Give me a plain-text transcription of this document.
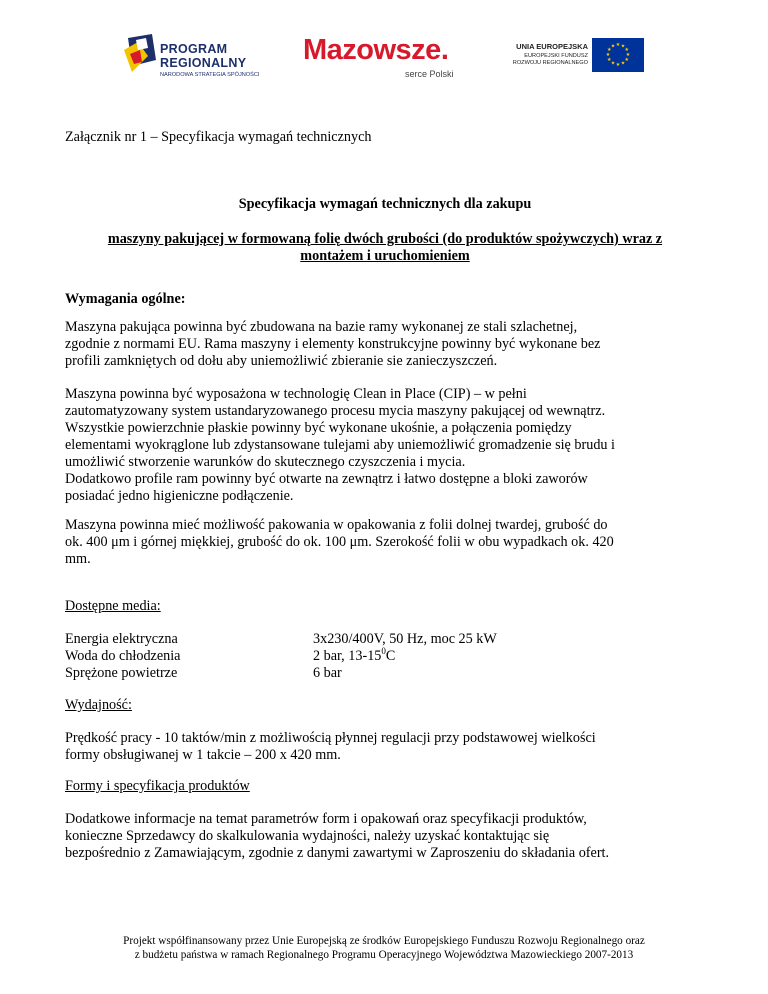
PROGRAM
REGIONALNY
NARODOWA STRATEGIA SPÓJNOŚCI
Mazowsze.
serce Polski
UNIA EUROPEJSKA
EUROPEJSKI FUNDUSZ
ROZWOJU REGIONALNEGO
★ ★
★
★
★
★
★
★
★
★
★
★

Załącznik nr 1 – Specyfikacja wymagań technicznych

Specyfikacja wymagań technicznych dla zakupu

maszyny pakującej w formowaną folię dwóch grubości (do produktów spożywczych) wraz z

montażem i uruchomieniem

Wymagania ogólne:

Maszyna pakująca powinna być zbudowana na bazie ramy wykonanej ze stali szlachetnej,

zgodnie z normami EU. Rama maszyny i elementy konstrukcyjne powinny być wykonane bez

profili zamkniętych od dołu aby uniemożliwić zbieranie sie zanieczyszczeń.

Maszyna powinna być wyposażona w technologię Clean in Place (CIP) – w pełni

zautomatyzowany system ustandaryzowanego procesu mycia maszyny pakującej od wewnątrz.

Wszystkie powierzchnie płaskie powinny być wykonane ukośnie, a połączenia pomiędzy

elementami wyokrąglone lub zdystansowane tulejami aby uniemożliwić gromadzenie się brudu i

umożliwić stworzenie warunków do skutecznego czyszczenia i mycia.

Dodatkowo profile ram powinny być otwarte na zewnątrz i łatwo dostępne a bloki zaworów

posiadać jedno higieniczne podłączenie.

Maszyna powinna mieć możliwość pakowania w opakowania z folii dolnej twardej, grubość do

ok. 400 μm i górnej miękkiej, grubość do ok. 100 μm. Szerokość folii w obu wypadkach ok. 420

mm.

Dostępne media:

Energia elektryczna	3x230/400V, 50 Hz, moc 25 kW
Woda do chłodzenia	2 bar, $13-15^0C$
Sprężone powietrze	6 bar

Wydajność:

Prędkość pracy - 10 taktów/min z możliwością płynnej regulacji przy podstawowej wielkości

formy obsługiwanej w 1 takcie – 200 x 420 mm.

Formy i specyfikacja produktów

Dodatkowe informacje na temat parametrów form i opakowań oraz specyfikacji produktów,

konieczne Sprzedawcy do skalkulowania wydajności, należy uzyskać kontaktując się

bezpośrednio z Zamawiającym, zgodnie z danymi zawartymi w Zaproszeniu do składania ofert.

Projekt współfinansowany przez Unie Europejską ze środków Europejskiego Funduszu Rozwoju Regionalnego oraz
z budżetu państwa w ramach Regionalnego Programu Operacyjnego Województwa Mazowieckiego 2007-2013
